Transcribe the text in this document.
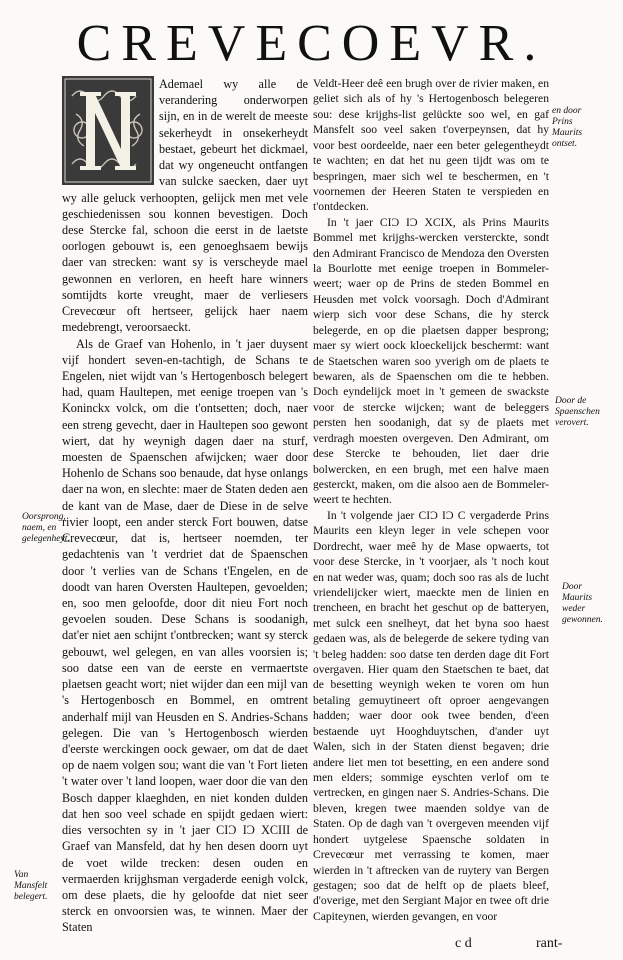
CREVECOEVR.

Ademael wy alle de verandering onderworpen sijn, en in de werelt de meeste sekerheydt in onsekerheydt bestaet, gebeurt het dickmael, dat wy ongeneucht ontfangen van sulcke saecken, daer uyt wy alle geluck verhoopten, gelijck men met vele geschiedenissen sou konnen bevestigen. Doch dese Stercke fal, schoon die eerst in de laetste oorlogen gebouwt is, een genoeghsaem bewijs daer van strecken: want sy is verscheyde mael gewonnen en verloren, en heeft hare winners somtijdts korte vreught, maer de verliesers Crevecœur oft hertseer, gelijck haer naem medebrengt, veroorsaeckt.

Als de Graef van Hohenlo, in 't jaer duysent vijf hondert seven-en-tachtigh, de Schans te Engelen, niet wijdt van 's Hertogenbosch belegert had, quam Haultepen, met eenige troepen van 's Koninckx volck, om die t'ontsetten; doch, naer een streng gevecht, daer in Haultepen soo gewont wiert, dat hy weynigh dagen daer na sturf, moesten de Spaenschen afwijcken; waer door Hohenlo de Schans soo benaude, dat hyse onlangs daer na won, en slechte: maer de Staten deden aen de kant van de Mase, daer de Diese in de selve rivier loopt, een ander sterck Fort bouwen, datse Crevecœur, dat is, hertseer noemden, ter gedachtenis van 't verdriet dat de Spaenschen door 't verlies van de Schans t'Engelen, en de doodt van haren Oversten Haultepen, gevoelden; en, soo men geloofde, door dit nieu Fort noch gevoelen souden. Dese Schans is soodanigh, dat'er niet aen schijnt t'ontbrecken; want sy sterck gebouwt, wel gelegen, en van alles voorsien is; soo datse een van de eerste en vermaertste plaetsen geacht wort; niet wijder dan een mijl van 's Hertogenbosch en Bommel, en omtrent anderhalf mijl van Heusden en S. Andries-Schans gelegen. Die van 's Hertogenbosch wierden d'eerste werckingen oock gewaer, om dat de daet op de naem volgen sou; want die van 't Fort lieten 't water over 't land loopen, waer door die van den Bosch dapper klaeghden, en niet konden dulden dat hen soo veel schade en spijdt gedaen wiert: dies versochten sy in 't jaer CIƆ IƆ XCIII de Graef van Mansfeld, dat hy hen desen doorn uyt de voet wilde trecken: desen ouden en vermaerden krijghsman vergaderde eenigh volck, om dese plaets, die hy geloofde dat niet seer sterck en onvoorsien was, te winnen. Maer der Staten

Veldt-Heer deê een brugh over de rivier maken, en geliet sich als of hy 's Hertogenbosch belegeren sou: dese krijghs-list gelückte soo wel, en gaf Mansfelt soo veel saken t'overpeynsen, dat hy voor best oordeelde, naer een beter gelegentheydt te wachten; en dat het nu geen tijdt was om te bespringen, maer sich wel te beschermen, en 't voornemen der Heeren Staten te verspieden en t'ontdecken.

In 't jaer CIƆ IƆ XCIX, als Prins Maurits Bommel met krijghs-wercken versterckte, sondt den Admirant Francisco de Mendoza den Oversten la Bourlotte met eenige troepen in Bommeler-weert; waer op de Prins de steden Bommel en Heusden met volck voorsagh. Doch d'Admirant wierp sich voor dese Schans, die hy sterck belegerde, en op die plaetsen dapper besprong; maer sy wiert oock kloeckelijck beschermt: want de Staetschen waren soo yverigh om de plaets te bewaren, als de Spaenschen om die te hebben. Doch eyndelijck moet in 't gemeen de swackste voor de stercke wijcken; want de beleggers persten hen soodanigh, dat sy de plaets met verdragh moesten overgeven. Den Admirant, om dese Stercke te behouden, liet daer drie bolwercken, en een brugh, met een halve maen gesterckt, maken, om die alsoo aen de Bommeler-weert te hechten.

In 't volgende jaer CIƆ IƆ C vergaderde Prins Maurits een kleyn leger in vele schepen voor Dordrecht, waer meê hy de Mase opwaerts, tot voor dese Stercke, in 't voorjaer, als 't noch kout en nat weder was, quam; doch soo ras als de lucht vriendelijcker wiert, maeckte men de linien en trencheen, en bracht het geschut op de batteryen, met sulck een snelheyt, dat het byna soo haest gedaen was, als de belegerde de sekere tyding van 't beleg hadden: soo datse ten derden dage dit Fort overgaven. Hier quam den Staetschen te baet, dat de besetting weynigh weken te voren om hun betaling gemuytineert oft oproer aengevangen hadden; waer door ook twee benden, d'een bestaende uyt Hooghduytschen, d'ander uyt Walen, sich in der Staten dienst begaven; drie andere liet men tot besetting, en een andere sond men elders; sommige eyschten verlof om te vertrecken, en gingen naer S. Andries-Schans. Die bleven, kregen twee maenden soldye van de Staten. Op de dagh van 't overgeven meenden vijf hondert uytgelese Spaensche soldaten in Crevecœur met verrassing te komen, maer wierden in 't aftrecken van de ruytery van Bergen gestagen; soo dat de helft op de plaets bleef, d'overige, met den Sergiant Major en twee oft drie Capiteynen, wierden gevangen, en voor

en door Prins Maurits ontset.
Door de Spaenschen verovert.
Door Maurits weder gewonnen.
Oorsprong, naem, en gelegenheyt.
Van Mansfelt belegert.
c d	rant-
